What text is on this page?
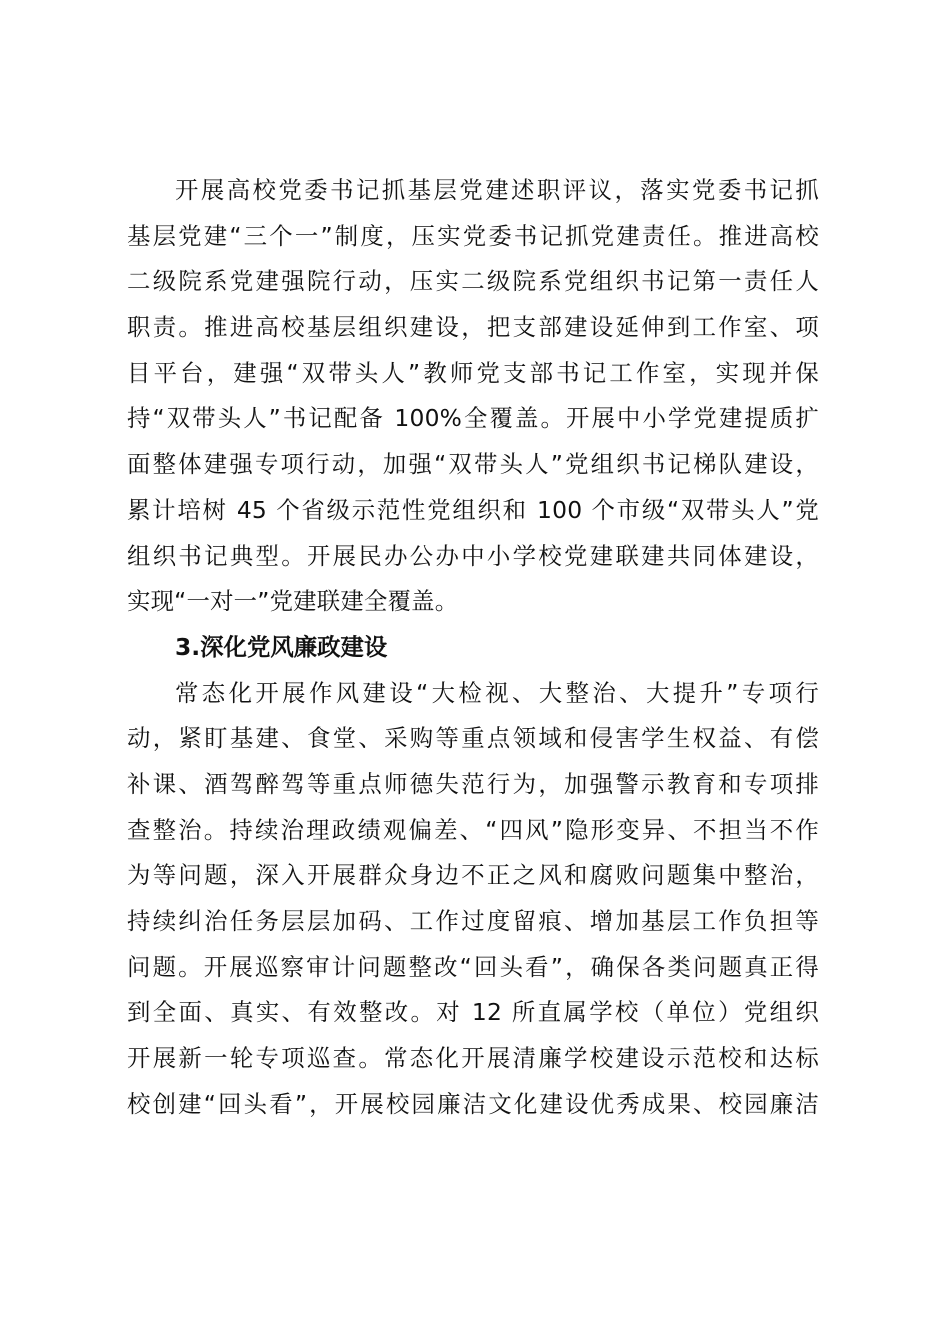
开展高校党委书记抓基层党建述职评议，落实党委书记抓
基层党建“三个一”制度，压实党委书记抓党建责任。推进高校
二级院系党建强院行动，压实二级院系党组织书记第一责任人
职责。推进高校基层组织建设，把支部建设延伸到工作室、项
目平台，建强“双带头人”教师党支部书记工作室，实现并保
持“双带头人”书记配备 100%全覆盖。开展中小学党建提质扩
面整体建强专项行动，加强“双带头人”党组织书记梯队建设，
累计培树 45 个省级示范性党组织和 100 个市级“双带头人”党
组织书记典型。开展民办公办中小学校党建联建共同体建设，
实现“一对一”党建联建全覆盖。
3.深化党风廉政建设
常态化开展作风建设“大检视、大整治、大提升”专项行
动，紧盯基建、食堂、采购等重点领域和侵害学生权益、有偿
补课、酒驾醉驾等重点师德失范行为，加强警示教育和专项排
查整治。持续治理政绩观偏差、“四风”隐形变异、不担当不作
为等问题，深入开展群众身边不正之风和腐败问题集中整治，
持续纠治任务层层加码、工作过度留痕、增加基层工作负担等
问题。开展巡察审计问题整改“回头看”，确保各类问题真正得
到全面、真实、有效整改。对 12 所直属学校（单位）党组织
开展新一轮专项巡查。常态化开展清廉学校建设示范校和达标
校创建“回头看”，开展校园廉洁文化建设优秀成果、校园廉洁
